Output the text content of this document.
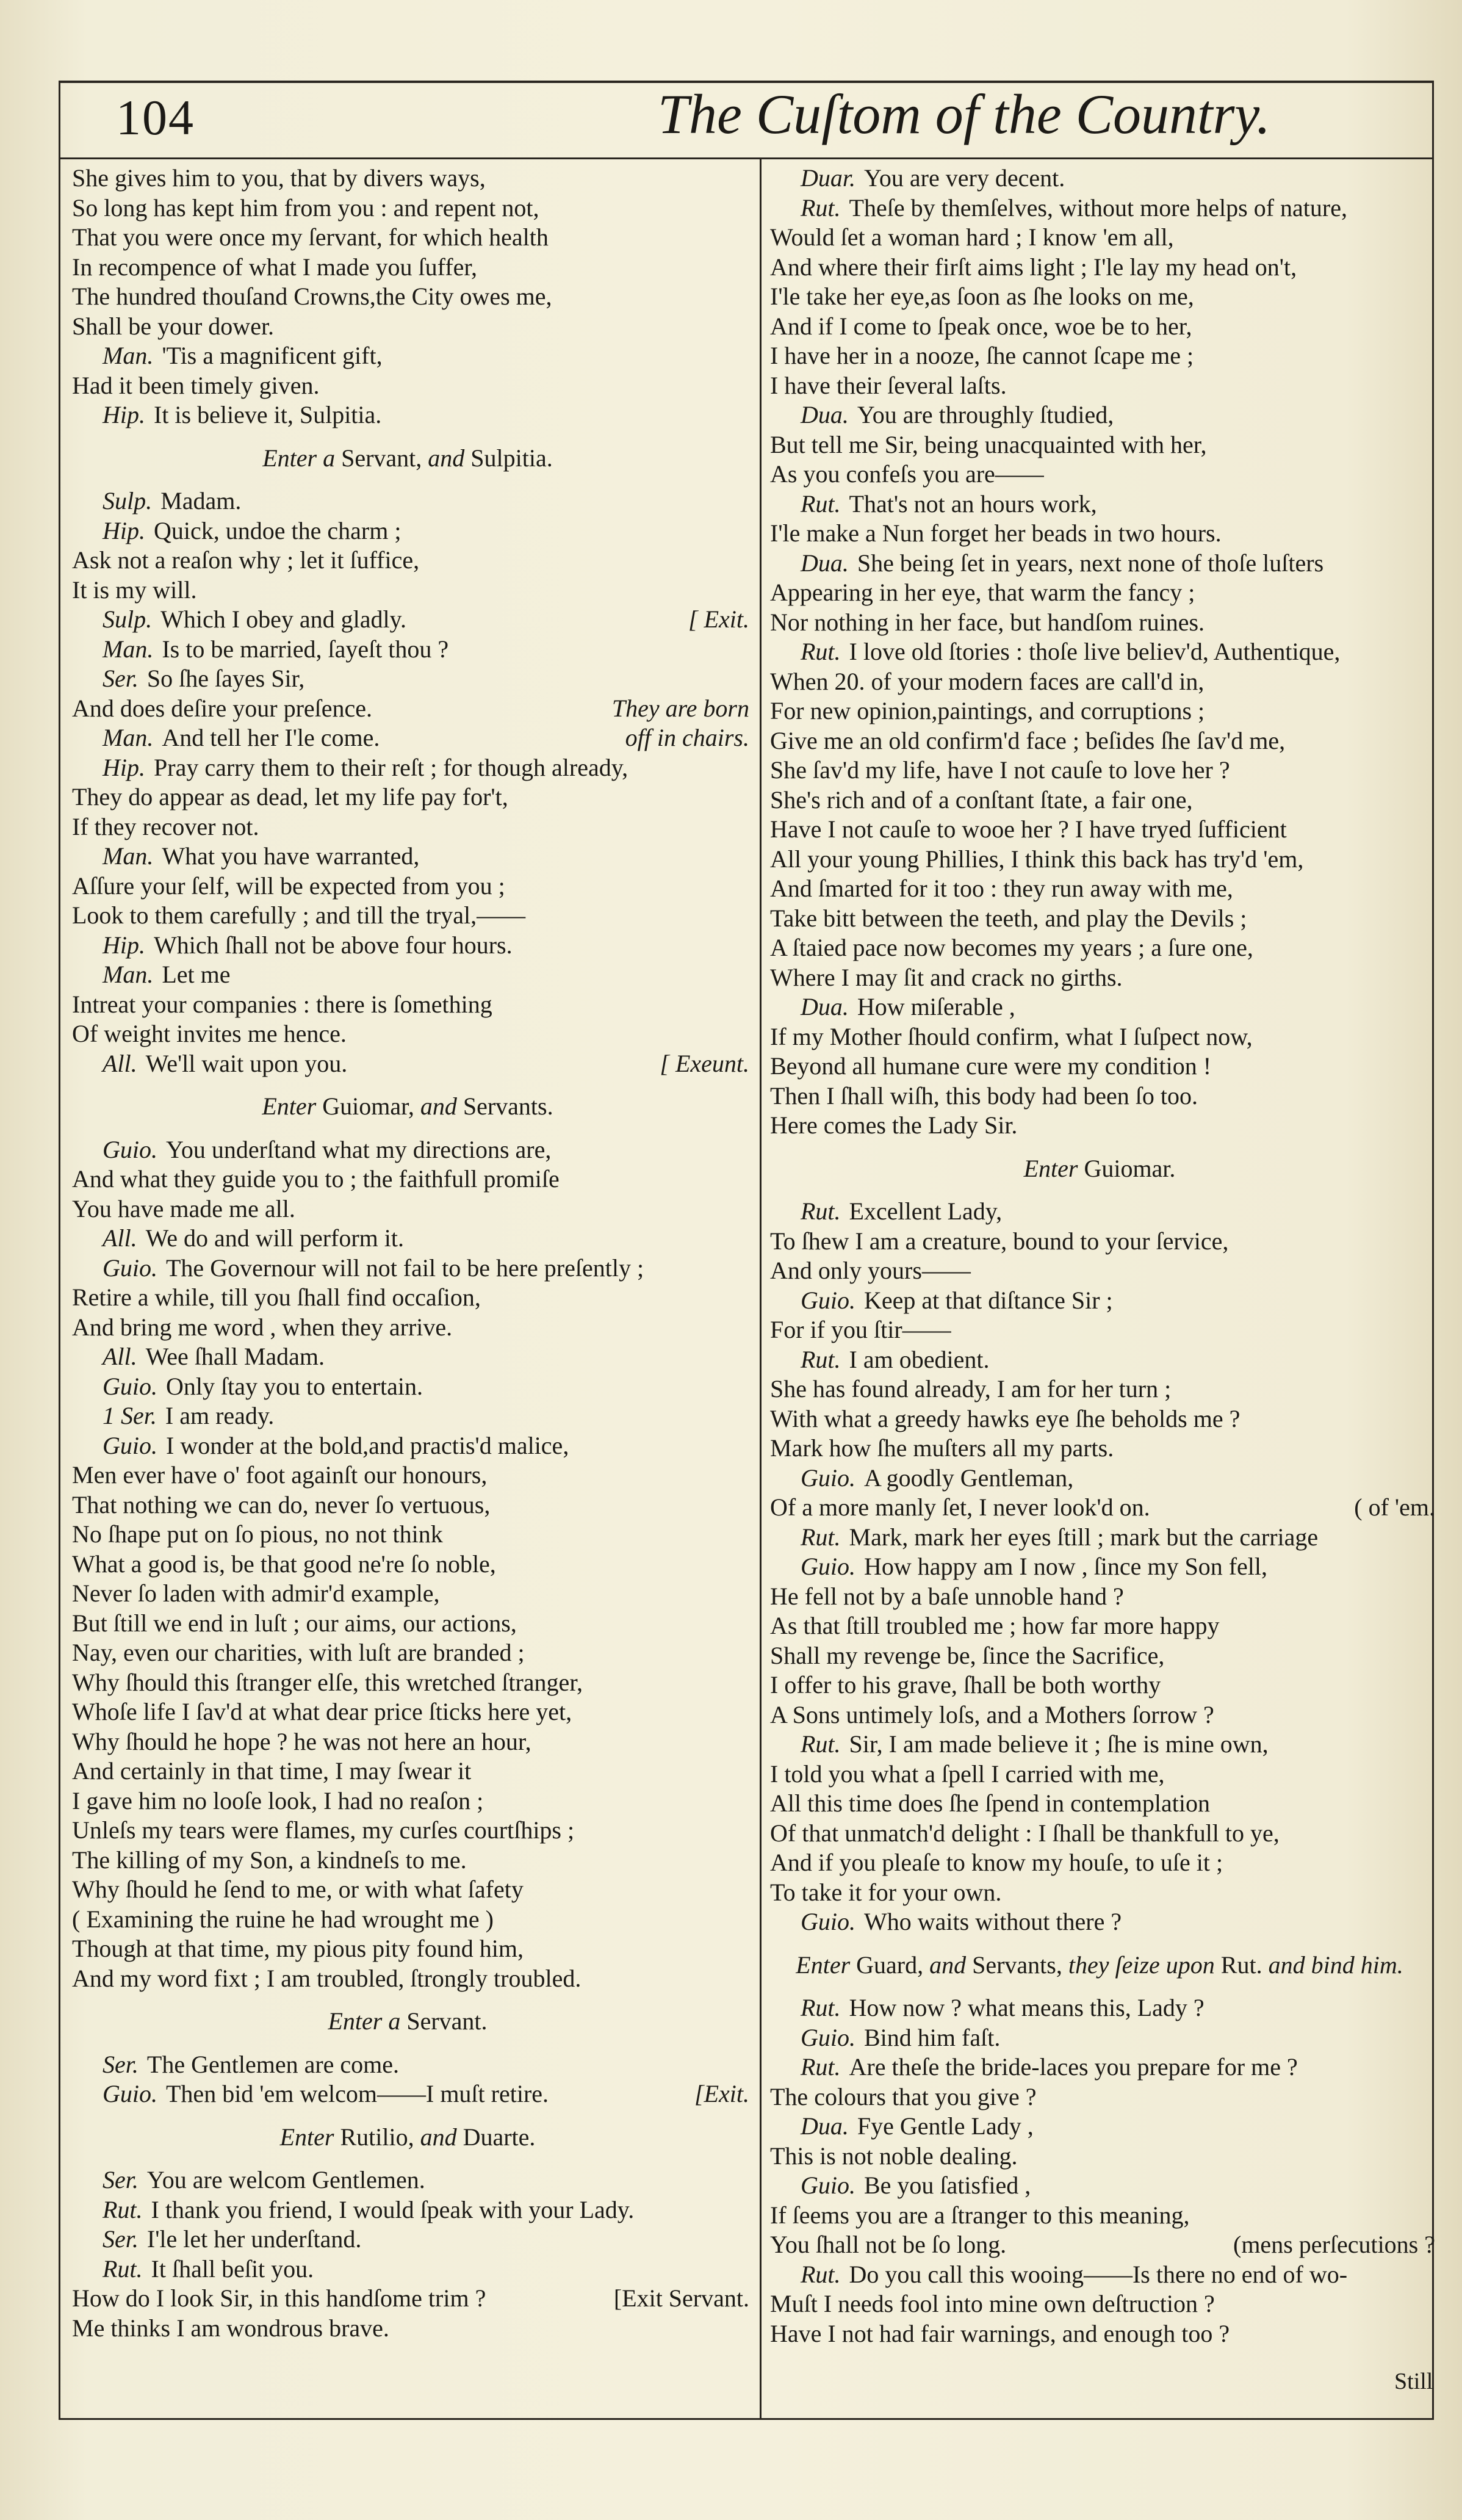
104	The Cuſtom of the Country.
She gives him to you, that by divers ways,
So long has kept him from you : and repent not,
That you were once my ſervant, for which health
In recompence of what I made you ſuffer,
The hundred thouſand Crowns,the City owes me,
Shall be your dower.
Man. 'Tis a magnificent gift,
Had it been timely given.
Hip. It is believe it, Sulpitia.
Enter a
Servant,
and
Sulpitia.

Sulp. Madam.
Hip. Quick, undoe the charm ;
Ask not a reaſon why ; let it ſuffice,
It is my will.
Sulp. Which I obey and gladly.	[ Exit.
Man. Is to be married, ſayeſt thou ?
Ser. So ſhe ſayes Sir,
And does deſire your preſence.	They are born
Man. And tell her I'le come.	off in chairs.
Hip. Pray carry them to their reſt ; for though already,
They do appear as dead, let my life pay for't,
If they recover not.
Man. What you have warranted,
Aſſure your ſelf, will be expected from you ;
Look to them carefully ; and till the tryal,——
Hip. Which ſhall not be above four hours.
Man. Let me
Intreat your companies : there is ſomething
Of weight invites me hence.
All. We'll wait upon you.	[ Exeunt.
Enter
Guiomar,
and
Servants.

Guio. You underſtand what my directions are,
And what they guide you to ; the faithfull promiſe
You have made me all.
All. We do and will perform it.
Guio. The Governour will not fail to be here preſently ;
Retire a while, till you ſhall find occaſion,
And bring me word , when they arrive.
All. Wee ſhall Madam.
Guio. Only ſtay you to entertain.
1 Ser. I am ready.
Guio. I wonder at the bold,and practis'd malice,
Men ever have o' foot againſt our honours,
That nothing we can do, never ſo vertuous,
No ſhape put on ſo pious, no not think
What a good is, be that good ne're ſo noble,
Never ſo laden with admir'd example,
But ſtill we end in luſt ; our aims, our actions,
Nay, even our charities, with luſt are branded ;
Why ſhould this ſtranger elſe, this wretched ſtranger,
Whoſe life I ſav'd at what dear price ſticks here yet,
Why ſhould he hope ? he was not here an hour,
And certainly in that time, I may ſwear it
I gave him no looſe look, I had no reaſon ;
Unleſs my tears were flames, my curſes courtſhips ;
The killing of my Son, a kindneſs to me.
Why ſhould he ſend to me, or with what ſafety
( Examining the ruine he had wrought me )
Though at that time, my pious pity found him,
And my word fixt ; I am troubled, ſtrongly troubled.
Enter a
Servant.

Ser. The Gentlemen are come.
Guio. Then bid 'em welcom——I muſt retire.	[Exit.
Enter
Rutilio,
and
Duarte.

Ser. You are welcom Gentlemen.
Rut. I thank you friend, I would ſpeak with your Lady.
Ser. I'le let her underſtand.
Rut. It ſhall beſit you.
How do I look Sir, in this handſome trim ?	[Exit Servant.
Me thinks I am wondrous brave.
Duar. You are very decent.
Rut. Theſe by themſelves, without more helps of nature,
Would ſet a woman hard ; I know 'em all,
And where their firſt aims light ; I'le lay my head on't,
I'le take her eye,as ſoon as ſhe looks on me,
And if I come to ſpeak once, woe be to her,
I have her in a nooze, ſhe cannot ſcape me ;
I have their ſeveral laſts.
Dua. You are throughly ſtudied,
But tell me Sir, being unacquainted with her,
As you confeſs you are——
Rut. That's not an hours work,
I'le make a Nun forget her beads in two hours.
Dua. She being ſet in years, next none of thoſe luſters
Appearing in her eye, that warm the fancy ;
Nor nothing in her face, but handſom ruines.
Rut. I love old ſtories : thoſe live believ'd, Authentique,
When 20. of your modern faces are call'd in,
For new opinion,paintings, and corruptions ;
Give me an old confirm'd face ; beſides ſhe ſav'd me,
She ſav'd my life, have I not cauſe to love her ?
She's rich and of a conſtant ſtate, a fair one,
Have I not cauſe to wooe her ? I have tryed ſufficient
All your young Phillies, I think this back has try'd 'em,
And ſmarted for it too : they run away with me,
Take bitt between the teeth, and play the Devils ;
A ſtaied pace now becomes my years ; a ſure one,
Where I may ſit and crack no girths.
Dua. How miſerable ,
If my Mother ſhould confirm, what I ſuſpect now,
Beyond all humane cure were my condition !
Then I ſhall wiſh, this body had been ſo too.
Here comes the Lady Sir.
Enter
Guiomar.

Rut. Excellent Lady,
To ſhew I am a creature, bound to your ſervice,
And only yours——
Guio. Keep at that diſtance Sir ;
For if you ſtir——
Rut. I am obedient.
She has found already, I am for her turn ;
With what a greedy hawks eye ſhe beholds me ?
Mark how ſhe muſters all my parts.
Guio. A goodly Gentleman,
Of a more manly ſet, I never look'd on.	( of 'em.
Rut. Mark, mark her eyes ſtill ; mark but the carriage
Guio. How happy am I now , ſince my Son fell,
He fell not by a baſe unnoble hand ?
As that ſtill troubled me ; how far more happy
Shall my revenge be, ſince the Sacrifice,
I offer to his grave, ſhall be both worthy
A Sons untimely loſs, and a Mothers ſorrow ?
Rut. Sir, I am made believe it ; ſhe is mine own,
I told you what a ſpell I carried with me,
All this time does ſhe ſpend in contemplation
Of that unmatch'd delight : I ſhall be thankfull to ye,
And if you pleaſe to know my houſe, to uſe it ;
To take it for your own.
Guio. Who waits without there ?
Enter
Guard,
and
Servants,
they ſeize upon
Rut.
and bind him.

Rut. How now ? what means this, Lady ?
Guio. Bind him faſt.
Rut. Are theſe the bride-laces you prepare for me ?
The colours that you give ?
Dua. Fye Gentle Lady ,
This is not noble dealing.
Guio. Be you ſatisfied ,
If ſeems you are a ſtranger to this meaning,
You ſhall not be ſo long.	(mens perſecutions ?
Rut. Do you call this wooing——Is there no end of wo-
Muſt I needs fool into mine own deſtruction ?
Have I not had fair warnings, and enough too ?
Still
